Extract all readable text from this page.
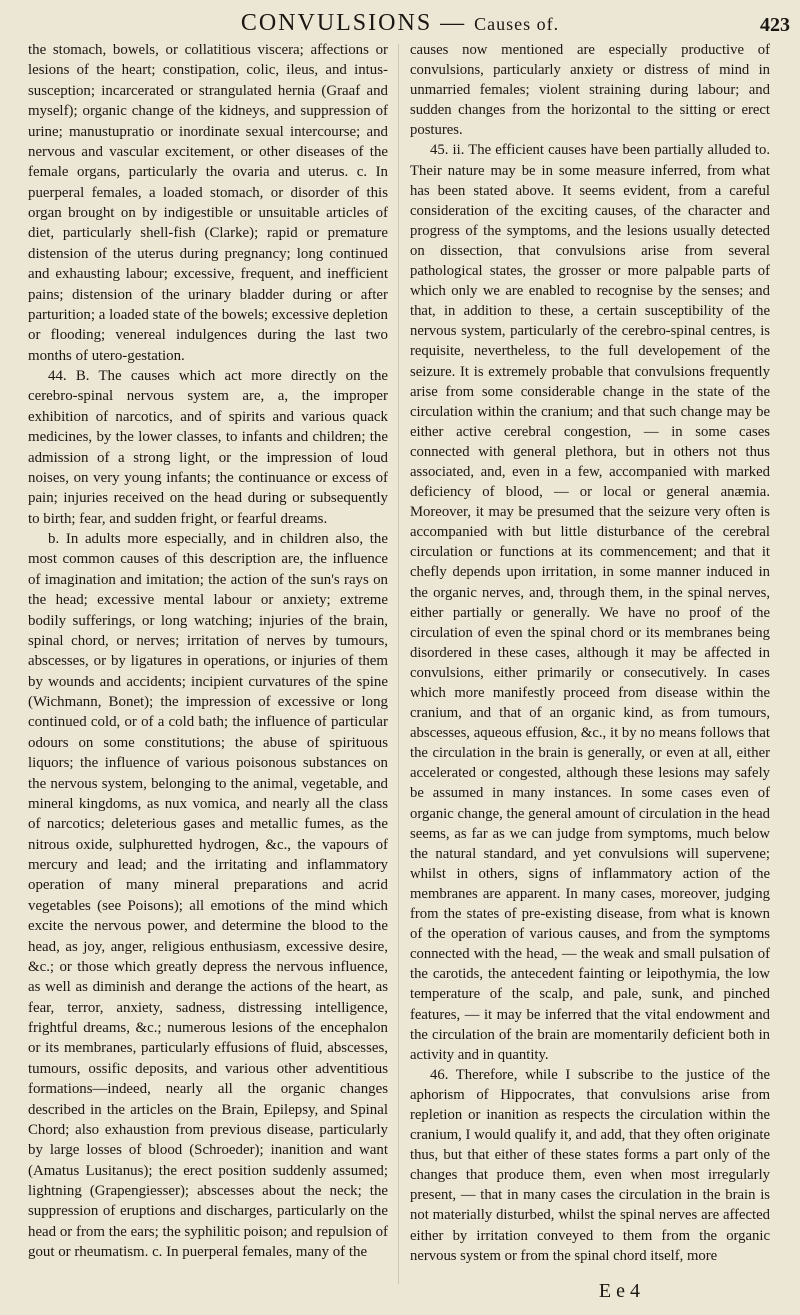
CONVULSIONS — Causes of.	423

the stomach, bowels, or collatitious viscera; affections or lesions of the heart; constipation, colic, ileus, and intus-susception; incarcerated or strangulated hernia (Graaf and myself); organic change of the kidneys, and suppression of urine; manustupratio or inordinate sexual intercourse; and nervous and vascular excitement, or other diseases of the female organs, particularly the ovaria and uterus. c. In puerperal females, a loaded stomach, or disorder of this organ brought on by indigestible or unsuitable articles of diet, particularly shell-fish (Clarke); rapid or premature distension of the uterus during pregnancy; long continued and exhausting labour; excessive, frequent, and inefficient pains; distension of the urinary bladder during or after parturition; a loaded state of the bowels; excessive depletion or flooding; venereal indulgences during the last two months of utero-gestation.

44. B. The causes which act more directly on the cerebro-spinal nervous system are, a, the improper exhibition of narcotics, and of spirits and various quack medicines, by the lower classes, to infants and children; the admission of a strong light, or the impression of loud noises, on very young infants; the continuance or excess of pain; injuries received on the head during or subsequently to birth; fear, and sudden fright, or fearful dreams.

b. In adults more especially, and in children also, the most common causes of this description are, the influence of imagination and imitation; the action of the sun's rays on the head; excessive mental labour or anxiety; extreme bodily sufferings, or long watching; injuries of the brain, spinal chord, or nerves; irritation of nerves by tumours, abscesses, or by ligatures in operations, or injuries of them by wounds and accidents; incipient curvatures of the spine (Wichmann, Bonet); the impression of excessive or long continued cold, or of a cold bath; the influence of particular odours on some constitutions; the abuse of spirituous liquors; the influence of various poisonous substances on the nervous system, belonging to the animal, vegetable, and mineral kingdoms, as nux vomica, and nearly all the class of narcotics; deleterious gases and metallic fumes, as the nitrous oxide, sulphuretted hydrogen, &c., the vapours of mercury and lead; and the irritating and inflammatory operation of many mineral preparations and acrid vegetables (see Poisons); all emotions of the mind which excite the nervous power, and determine the blood to the head, as joy, anger, religious enthusiasm, excessive desire, &c.; or those which greatly depress the nervous influence, as well as diminish and derange the actions of the heart, as fear, terror, anxiety, sadness, distressing intelligence, frightful dreams, &c.; numerous lesions of the encephalon or its membranes, particularly effusions of fluid, abscesses, tumours, ossific deposits, and various other adventitious formations—indeed, nearly all the organic changes described in the articles on the Brain, Epilepsy, and Spinal Chord; also exhaustion from previous disease, particularly by large losses of blood (Schroeder); inanition and want (Amatus Lusitanus); the erect position suddenly assumed; lightning (Grapengiesser); abscesses about the neck; the suppression of eruptions and discharges, particularly on the head or from the ears; the syphilitic poison; and repulsion of gout or rheumatism. c. In puerperal females, many of the

causes now mentioned are especially productive of convulsions, particularly anxiety or distress of mind in unmarried females; violent straining during labour; and sudden changes from the horizontal to the sitting or erect postures.

45. ii. The efficient causes have been partially alluded to. Their nature may be in some measure inferred, from what has been stated above. It seems evident, from a careful consideration of the exciting causes, of the character and progress of the symptoms, and the lesions usually detected on dissection, that convulsions arise from several pathological states, the grosser or more palpable parts of which only we are enabled to recognise by the senses; and that, in addition to these, a certain susceptibility of the nervous system, particularly of the cerebro-spinal centres, is requisite, nevertheless, to the full developement of the seizure. It is extremely probable that convulsions frequently arise from some considerable change in the state of the circulation within the cranium; and that such change may be either active cerebral congestion, — in some cases connected with general plethora, but in others not thus associated, and, even in a few, accompanied with marked deficiency of blood, — or local or general anæmia. Moreover, it may be presumed that the seizure very often is accompanied with but little disturbance of the cerebral circulation or functions at its commencement; and that it chefly depends upon irritation, in some manner induced in the organic nerves, and, through them, in the spinal nerves, either partially or generally. We have no proof of the circulation of even the spinal chord or its membranes being disordered in these cases, although it may be affected in convulsions, either primarily or consecutively. In cases which more manifestly proceed from disease within the cranium, and that of an organic kind, as from tumours, abscesses, aqueous effusion, &c., it by no means follows that the circulation in the brain is generally, or even at all, either accelerated or congested, although these lesions may safely be assumed in many instances. In some cases even of organic change, the general amount of circulation in the head seems, as far as we can judge from symptoms, much below the natural standard, and yet convulsions will supervene; whilst in others, signs of inflammatory action of the membranes are apparent. In many cases, moreover, judging from the states of pre-existing disease, from what is known of the operation of various causes, and from the symptoms connected with the head, — the weak and small pulsation of the carotids, the antecedent fainting or leipothymia, the low temperature of the scalp, and pale, sunk, and pinched features, — it may be inferred that the vital endowment and the circulation of the brain are momentarily deficient both in activity and in quantity.

46. Therefore, while I subscribe to the justice of the aphorism of Hippocrates, that convulsions arise from repletion or inanition as respects the circulation within the cranium, I would qualify it, and add, that they often originate thus, but that either of these states forms a part only of the changes that produce them, even when most irregularly present, — that in many cases the circulation in the brain is not materially disturbed, whilst the spinal nerves are affected either by irritation conveyed to them from the organic nervous system or from the spinal chord itself, more

E e 4
